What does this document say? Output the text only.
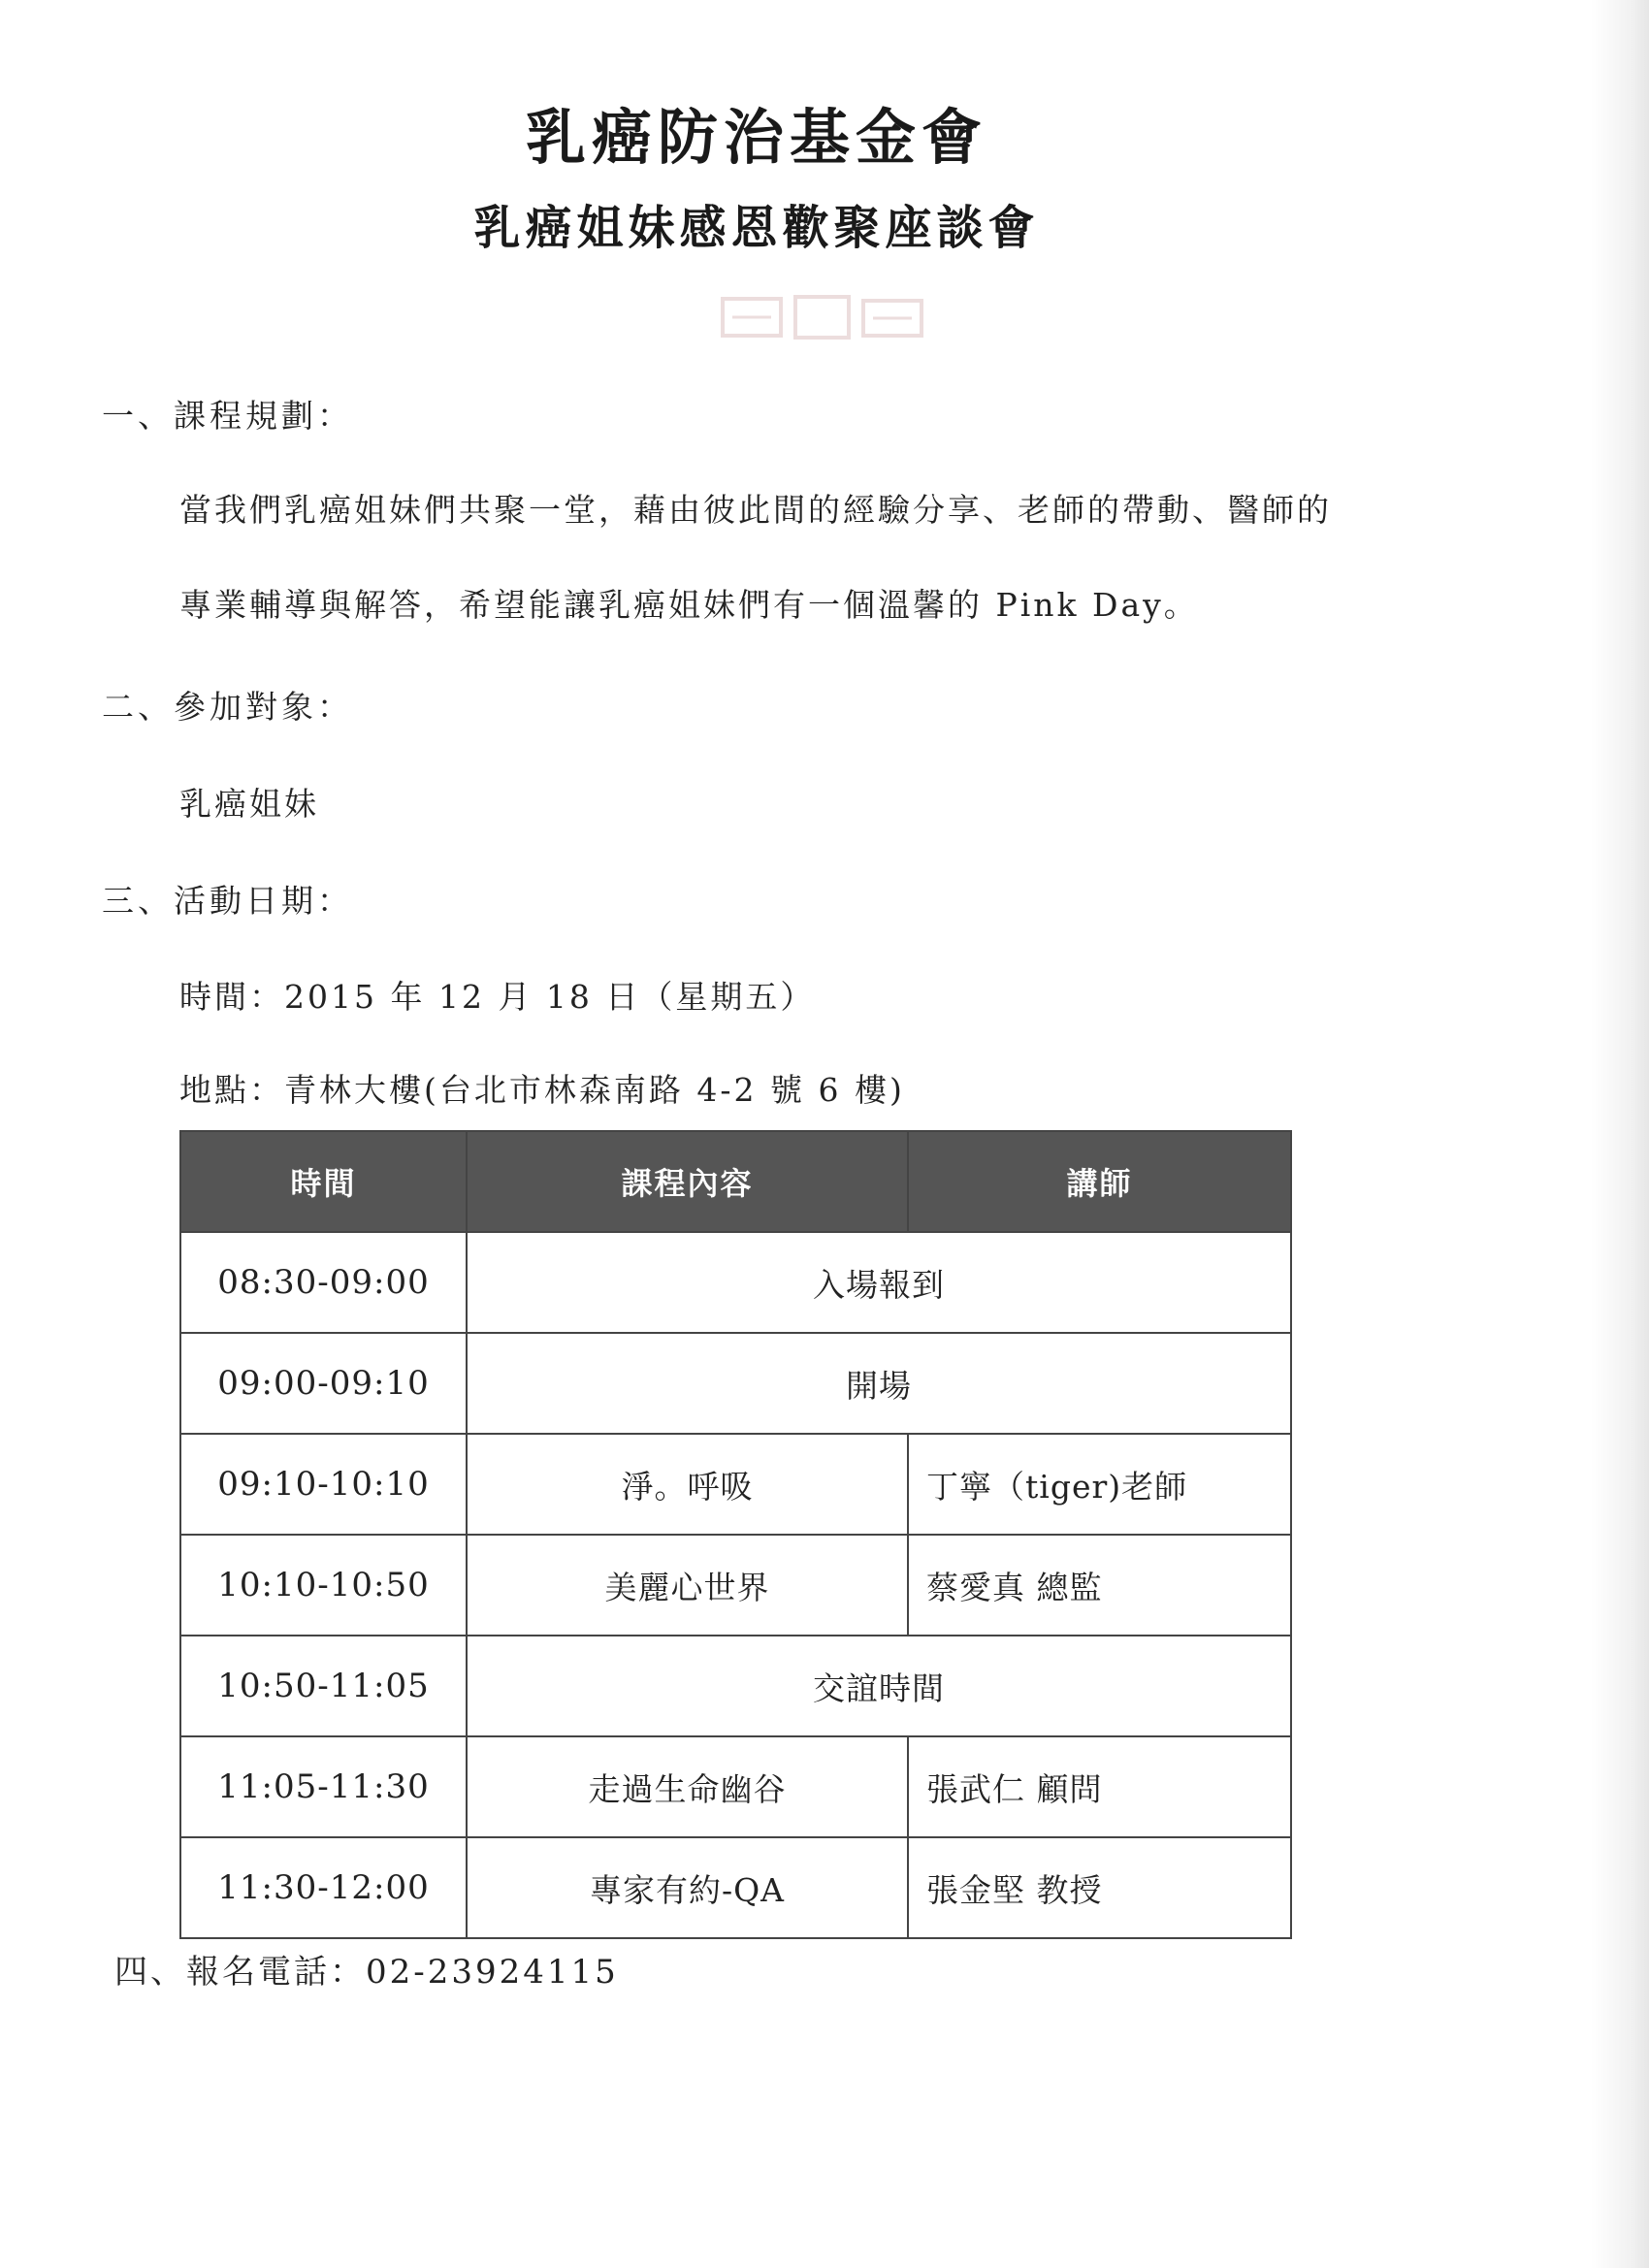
乳癌防治基金會
乳癌姐妹感恩歡聚座談會

一、課程規劃：

當我們乳癌姐妹們共聚一堂，藉由彼此間的經驗分享、老師的帶動、醫師的

專業輔導與解答，希望能讓乳癌姐妹們有一個溫馨的 Pink Day。

二、參加對象：

乳癌姐妹

三、活動日期：

時間：2015 年 12 月 18 日（星期五）

地點：青林大樓(台北市林森南路 4-2 號 6 樓)

時間	課程內容	講師
08:30-09:00	入場報到	
09:00-09:10	開場	
09:10-10:10	淨。呼吸	丁寧（tiger)老師
10:10-10:50	美麗心世界	蔡愛真 總監
10:50-11:05	交誼時間	
11:05-11:30	走過生命幽谷	張武仁 顧問
11:30-12:00	專家有約-QA	張金堅 教授

四、報名電話：02-23924115
